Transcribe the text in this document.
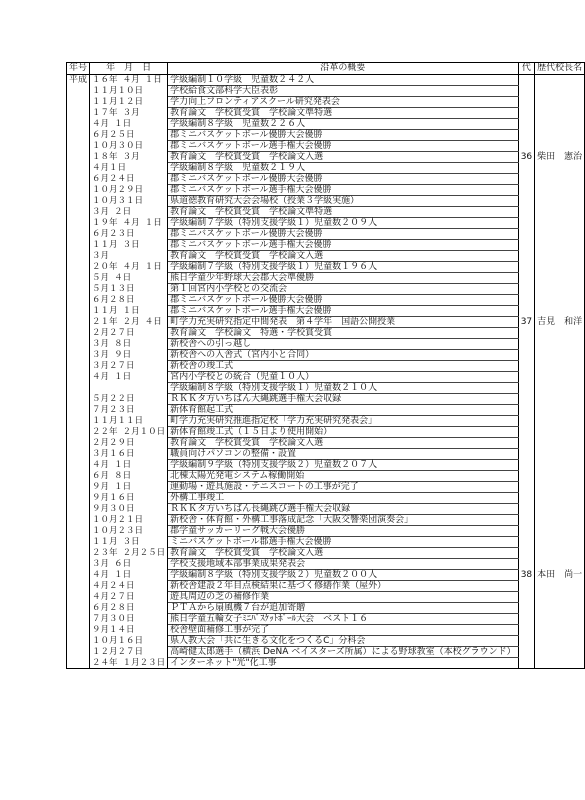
年号	年　月　日	沿革の概要	代	歴代校長名
平成	１６年 ４月 １日	学級編制１０学級　児童数２４２人		
	１１月１０日	学校給食文部科学大臣表彰		
	１１月１２日	学力向上フロンティアスクール研究発表会		
	１７年 ３月	教育論文　学校賞受賞　学校論文準特選		
	４月 １日	学級編制８学級　児童数２２６人		
	６月２５日	郡ミニバスケットボール優勝大会優勝		
	１０月３０日	郡ミニバスケットボール選手権大会優勝		
	１８年 ３月	教育論文　学校賞受賞　学校論文入選	36	柴田　憲治
	４月１日	学級編制８学級　児童数２１９人		
	６月２４日	郡ミニバスケットボール優勝大会優勝		
	１０月２９日	郡ミニバスケットボール選手権大会優勝		
	１０月３１日	県道徳教育研究大会会場校（授業３学級実施）		
	３月 ２日	教育論文　学校賞受賞　学校論文準特選		
	１９年 ４月 １日	学級編制７学級（特別支援学級１）児童数２０９人		
	６月２３日	郡ミニバスケットボール優勝大会優勝		
	１１月 ３日	郡ミニバスケットボール選手権大会優勝		
	３月	教育論文　学校賞受賞　学校論文入選		
	２０年 ４月 １日	学級編制７学級（特別支援学級１）児童数１９６人		
	５月 ４日	熊日学童少年野球大会郡大会準優勝		
	５月１３日	第１回宮内小学校との交流会		
	６月２８日	郡ミニバスケットボール優勝大会優勝		
	１１月 １日	郡ミニバスケットボール選手権大会優勝		
	２１年 ２月 ４日	町学力充実研究指定中間発表　第４学年　国語公開授業	37	吉見　和洋
	２月２７日	教育論文　学校論文　特選・学校賞受賞		
	３月 ８日	新校舎への引っ越し		
	３月 ９日	新校舎への入舎式（宮内小と合同）		
	３月２７日	新校舎の竣工式		
	４月 １日	宮内小学校との統合（児童１０人）		
		学級編制８学級（特別支援学級１）児童数２１０人		
	５月２２日	ＲＫＫタ方いちばん大縄跳選手権大会収録		
	７月２３日	新体育館起工式		
	１１月１１日	町学力充実研究推進指定校「学力充実研究発表会」		
	２２年 ２月１０日	新体育館竣工式（１５日より使用開始）		
	２月２９日	教育論文　学校賞受賞　学校論文入選		
	３月１６日	職員向けパソコンの整備・設置		
	４月 １日	学級編制９学級（特別支援学級２）児童数２０７人		
	６月 ８日	北棟太陽光発電システム稼働開始		
	９月 １日	運動場・遊具施設・テニスコートの工事が完了		
	９月１６日	外構工事竣工		
	９月３０日	ＲＫＫタ方いちばん長縄跳び選手権大会収録		
	１０月２１日	新校舎・体育館・外構工事落成記念「大阪交響楽団演奏会」		
	１０月２３日	郡学童サッカーリーグ戦大会優勝		
	１１月 ３日	ミニバスケットボール郡選手権大会優勝		
	２３年 ２月２５日	教育論文　学校賞受賞　学校論文入選		
	３月 ６日	学校支援地域本部事業成果発表会		
	４月 １日	学級編制８学級（特別支援学級２）児童数２００人	38	本田　尚一
	４月２４日	新校舎建設２年目点検結果に基づく修繕作業（屋外）		
	４月２７日	遊具周辺の芝の補修作業		
	６月２８日	ＰＴＡから扇風機７台が追加寄贈		
	７月３０日	熊日学童五輪女子ﾐﾆﾊﾞｽｹｯﾄﾎﾞｰﾙ大会　ベスト１６		
	９月１４日	校舎壁面補修工事が完了		
	１０月１６日	県人教大会「共に生きる文化をつくるC」分科会		
	１２月２７日	高崎健太郎選手（横浜 DeNA ベイスターズ所属）による野球教室（本校グラウンド）		
	２４年 １月２３日	インターネット"光"化工事		
